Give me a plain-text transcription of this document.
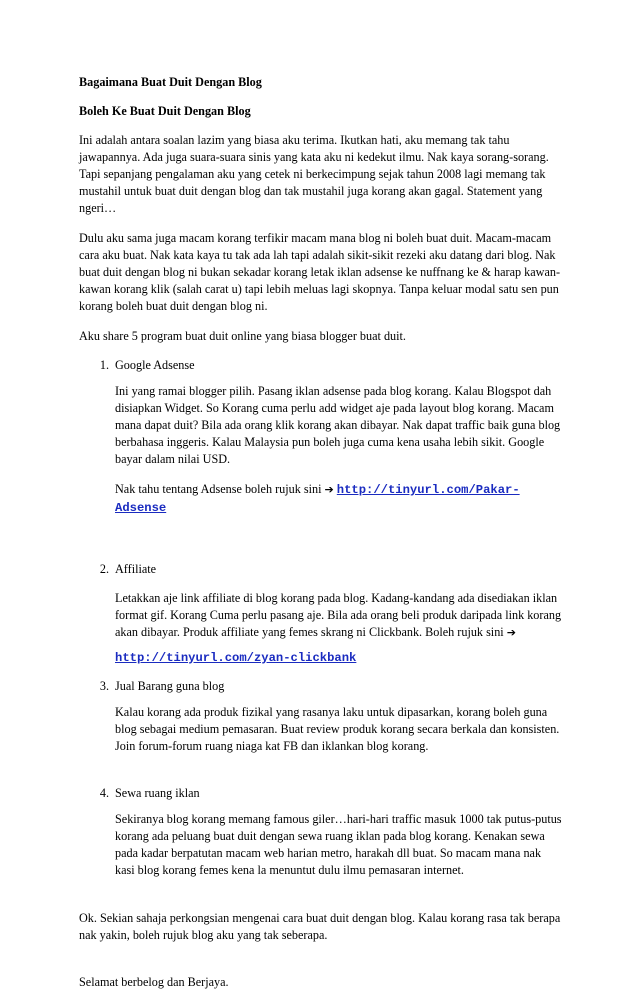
Bagaimana Buat Duit Dengan Blog

Boleh Ke Buat Duit Dengan Blog

Ini adalah antara soalan lazim yang biasa aku terima. Ikutkan hati, aku memang tak tahu jawapannya. Ada juga suara-suara sinis yang kata aku ni kedekut ilmu. Nak kaya sorang-sorang. Tapi sepanjang pengalaman aku yang cetek ni berkecimpung sejak tahun 2008 lagi memang tak mustahil untuk buat duit dengan blog dan tak mustahil juga korang akan gagal. Statement yang ngeri…

Dulu aku sama juga macam korang terfikir macam mana blog ni boleh buat duit. Macam-macam cara aku buat. Nak kata kaya tu tak ada lah tapi adalah sikit-sikit rezeki aku datang dari blog. Nak buat duit dengan blog ni bukan sekadar korang letak iklan adsense ke nuffnang ke & harap kawan-kawan korang klik (salah carat u) tapi lebih meluas lagi skopnya. Tanpa keluar modal satu sen pun korang boleh buat duit dengan blog ni.

Aku share 5 program buat duit online yang biasa blogger buat duit.

1. Google Adsense

Ini yang ramai blogger pilih. Pasang iklan adsense pada blog korang. Kalau Blogspot dah disiapkan Widget. So Korang cuma perlu add widget aje pada layout blog korang. Macam mana dapat duit? Bila ada orang klik korang akan dibayar. Nak dapat traffic baik guna blog berbahasa inggeris. Kalau Malaysia pun boleh juga cuma kena usaha lebih sikit. Google bayar dalam nilai USD.

Nak tahu tentang Adsense boleh rujuk sini ➔ http://tinyurl.com/Pakar-Adsense

2. Affiliate

Letakkan aje link affiliate di blog korang pada blog. Kadang-kandang ada disediakan iklan format gif. Korang Cuma perlu pasang aje. Bila ada orang beli produk daripada link korang akan dibayar. Produk affiliate yang femes skrang ni Clickbank. Boleh rujuk sini ➔

http://tinyurl.com/zyan-clickbank

3. Jual Barang guna blog

Kalau korang ada produk fizikal yang rasanya laku untuk dipasarkan, korang boleh guna blog sebagai medium pemasaran. Buat review produk korang secara berkala dan konsisten. Join forum-forum ruang niaga kat FB dan iklankan blog korang.

4. Sewa ruang iklan

Sekiranya blog korang memang famous giler…hari-hari traffic masuk 1000 tak putus-putus korang ada peluang buat duit dengan sewa ruang iklan pada blog korang. Kenakan sewa pada kadar berpatutan macam web harian metro, harakah dll buat. So macam mana nak kasi blog korang femes kena la menuntut dulu ilmu pemasaran internet.

Ok. Sekian sahaja perkongsian mengenai cara buat duit dengan blog. Kalau korang rasa tak berapa nak yakin, boleh rujuk blog aku yang tak seberapa.

Selamat berbelog dan Berjaya.
